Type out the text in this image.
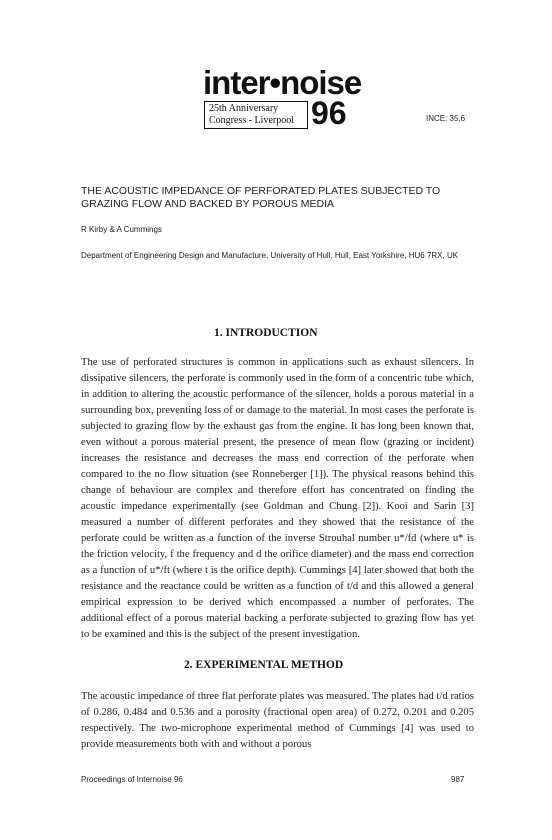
inter•noise
25th Anniversary
Congress - Liverpool 96	INCE: 35.6
THE ACOUSTIC IMPEDANCE OF PERFORATED PLATES SUBJECTED TO GRAZING FLOW AND BACKED BY POROUS MEDIA
R Kirby & A Cummings
Department of Engineering Design and Manufacture, University of Hull, Hull, East Yorkshire, HU6 7RX, UK
1. INTRODUCTION

The use of perforated structures is common in applications such as exhaust silencers. In dissipative silencers, the perforate is commonly used in the form of a concentric tube which, in addition to altering the acoustic performance of the silencer, holds a porous material in a surrounding box, preventing loss of or damage to the material. In most cases the perforate is subjected to grazing flow by the exhaust gas from the engine. It has long been known that, even without a porous material present, the presence of mean flow (grazing or incident) increases the resistance and decreases the mass end correction of the perforate when compared to the no flow situation (see Ronneberger [1]). The physical reasons behind this change of behaviour are complex and therefore effort has concentrated on finding the acoustic impedance experimentally (see Goldman and Chung [2]). Kooi and Sarin [3] measured a number of different perforates and they showed that the resistance of the perforate could be written as a function of the inverse Strouhal number u*/fd (where u* is the friction velocity, f the frequency and d the orifice diameter) and the mass end correction as a function of u*/ft (where t is the orifice depth). Cummings [4] later showed that both the resistance and the reactance could be written as a function of t/d and this allowed a general empirical expression to be derived which encompassed a number of perforates. The additional effect of a porous material backing a perforate subjected to grazing flow has yet to be examined and this is the subject of the present investigation.

2. EXPERIMENTAL METHOD

The acoustic impedance of three flat perforate plates was measured. The plates had t/d ratios of 0.286, 0.484 and 0.536 and a porosity (fractional open area) of 0.272, 0.201 and 0.205 respectively. The two-microphone experimental method of Cummings [4] was used to provide measurements both with and without a porous

Proceedings of Internoise 96	987
